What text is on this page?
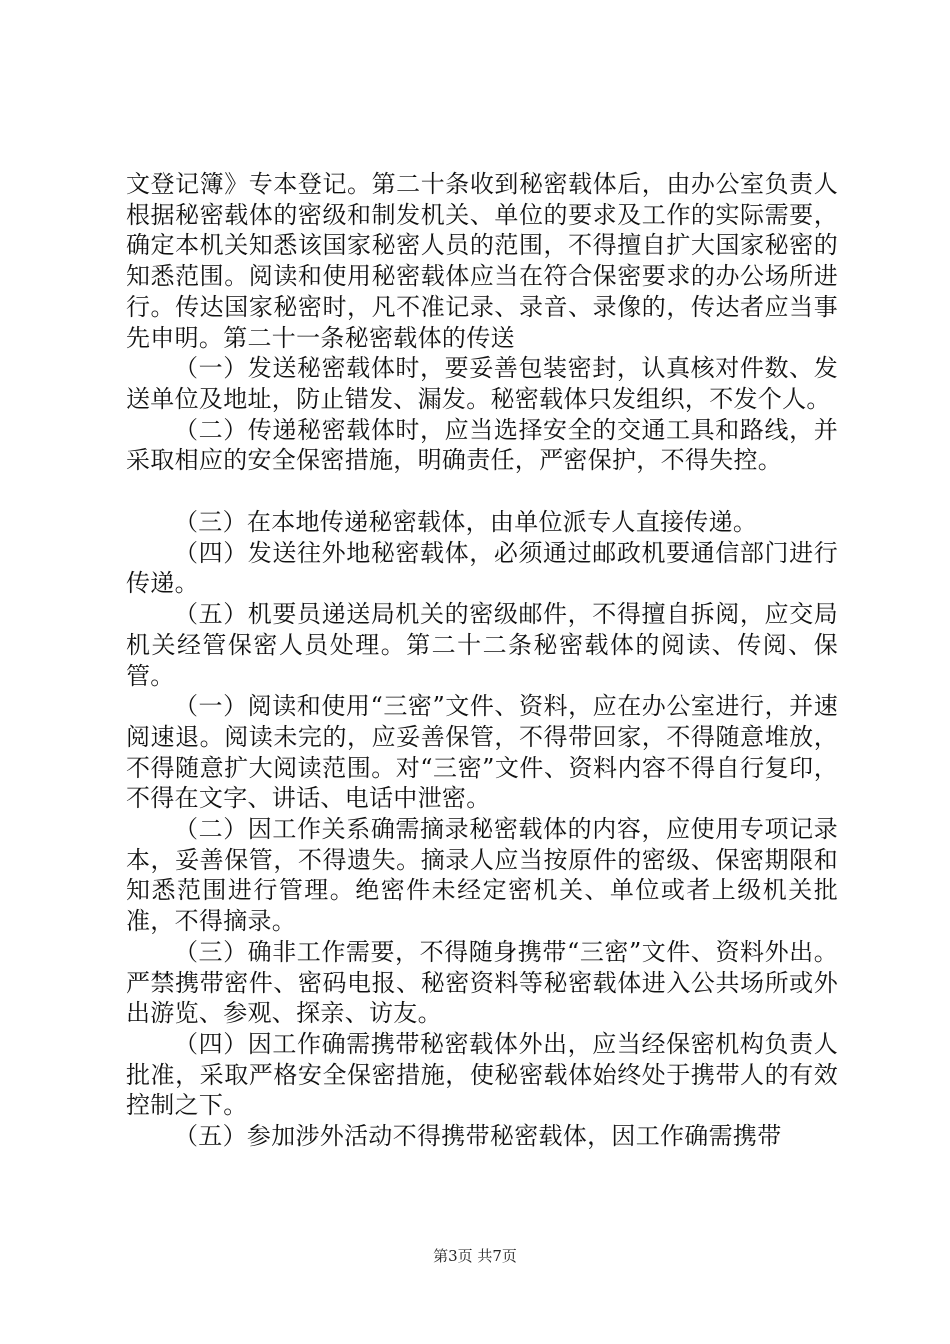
文登记簿》专本登记。第二十条收到秘密载体后，由办公室负责人根据秘密载体的密级和制发机关、单位的要求及工作的实际需要，确定本机关知悉该国家秘密人员的范围，不得擅自扩大国家秘密的知悉范围。阅读和使用秘密载体应当在符合保密要求的办公场所进行。传达国家秘密时，凡不准记录、录音、录像的，传达者应当事先申明。第二十一条秘密载体的传送

（一）发送秘密载体时，要妥善包装密封，认真核对件数、发送单位及地址，防止错发、漏发。秘密载体只发组织，不发个人。

（二）传递秘密载体时，应当选择安全的交通工具和路线，并采取相应的安全保密措施，明确责任，严密保护，不得失控。

（三）在本地传递秘密载体，由单位派专人直接传递。

（四）发送往外地秘密载体，必须通过邮政机要通信部门进行传递。

（五）机要员递送局机关的密级邮件，不得擅自拆阅，应交局机关经管保密人员处理。第二十二条秘密载体的阅读、传阅、保管。

（一）阅读和使用“三密”文件、资料，应在办公室进行，并速阅速退。阅读未完的，应妥善保管，不得带回家，不得随意堆放，不得随意扩大阅读范围。对“三密”文件、资料内容不得自行复印，不得在文字、讲话、电话中泄密。

（二）因工作关系确需摘录秘密载体的内容，应使用专项记录本，妥善保管，不得遗失。摘录人应当按原件的密级、保密期限和知悉范围进行管理。绝密件未经定密机关、单位或者上级机关批准，不得摘录。

（三）确非工作需要，不得随身携带“三密”文件、资料外出。严禁携带密件、密码电报、秘密资料等秘密载体进入公共场所或外出游览、参观、探亲、访友。

（四）因工作确需携带秘密载体外出，应当经保密机构负责人批准，采取严格安全保密措施，使秘密载体始终处于携带人的有效控制之下。

（五）参加涉外活动不得携带秘密载体，因工作确需携带

第3页 共7页
